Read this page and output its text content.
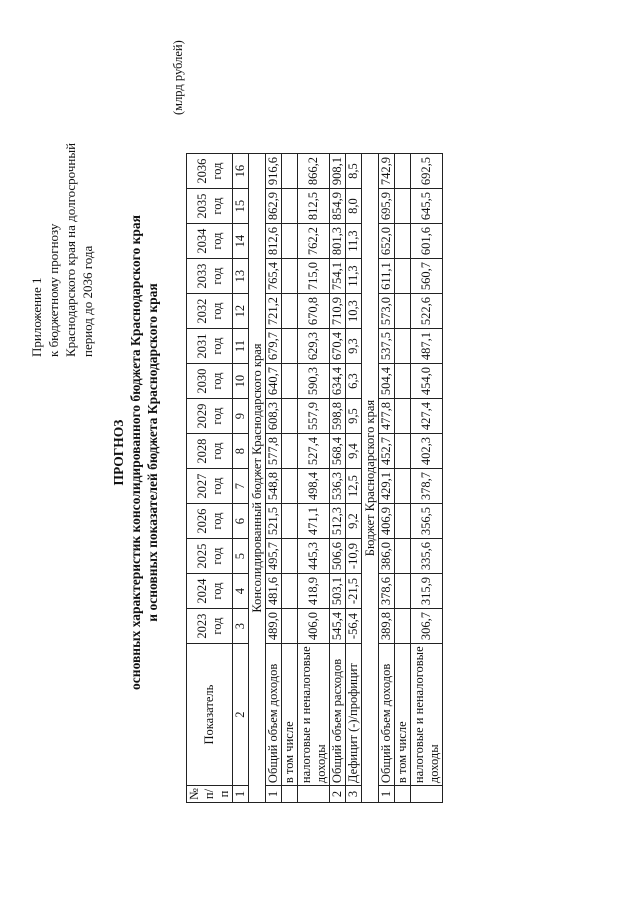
Приложение 1 к бюджетному прогнозу Краснодарского края на долгосрочный период до 2036 года
ПРОГНОЗ основных характеристик консолидированного бюджета Краснодарского края и основных показателей бюджета Краснодарского края
(млрд рублей)
№ п/п	Показатель	2023 год	2024 год	2025 год	2026 год	2027 год	2028 год	2029 год	2030 год	2031 год	2032 год	2033 год	2034 год	2035 год	2036 год
1	2	3	4	5	6	7	8	9	10	11	12	13	14	15	16
Консолидированный бюджет Краснодарского края															
1	Общий объем доходов	489,0	481,6	495,7	521,5	548,8	577,8	608,3	640,7	679,7	721,2	765,4	812,6	862,9	916,6
	в том числе														
	налоговые и неналоговые доходы	406,0	418,9	445,3	471,1	498,4	527,4	557,9	590,3	629,3	670,8	715,0	762,2	812,5	866,2
2	Общий объем расходов	545,4	503,1	506,6	512,3	536,3	568,4	598,8	634,4	670,4	710,9	754,1	801,3	854,9	908,1
3	Дефицит (-)/профицит	-56,4	-21,5	-10,9	9,2	12,5	9,4	9,5	6,3	9,3	10,3	11,3	11,3	8,0	8,5
Бюджет Краснодарского края															
1	Общий объем доходов	389,8	378,6	386,0	406,9	429,1	452,7	477,8	504,4	537,5	573,0	611,1	652,0	695,9	742,9
	в том числе														
	налоговые и неналоговые доходы	306,7	315,9	335,6	356,5	378,7	402,3	427,4	454,0	487,1	522,6	560,7	601,6	645,5	692,5
